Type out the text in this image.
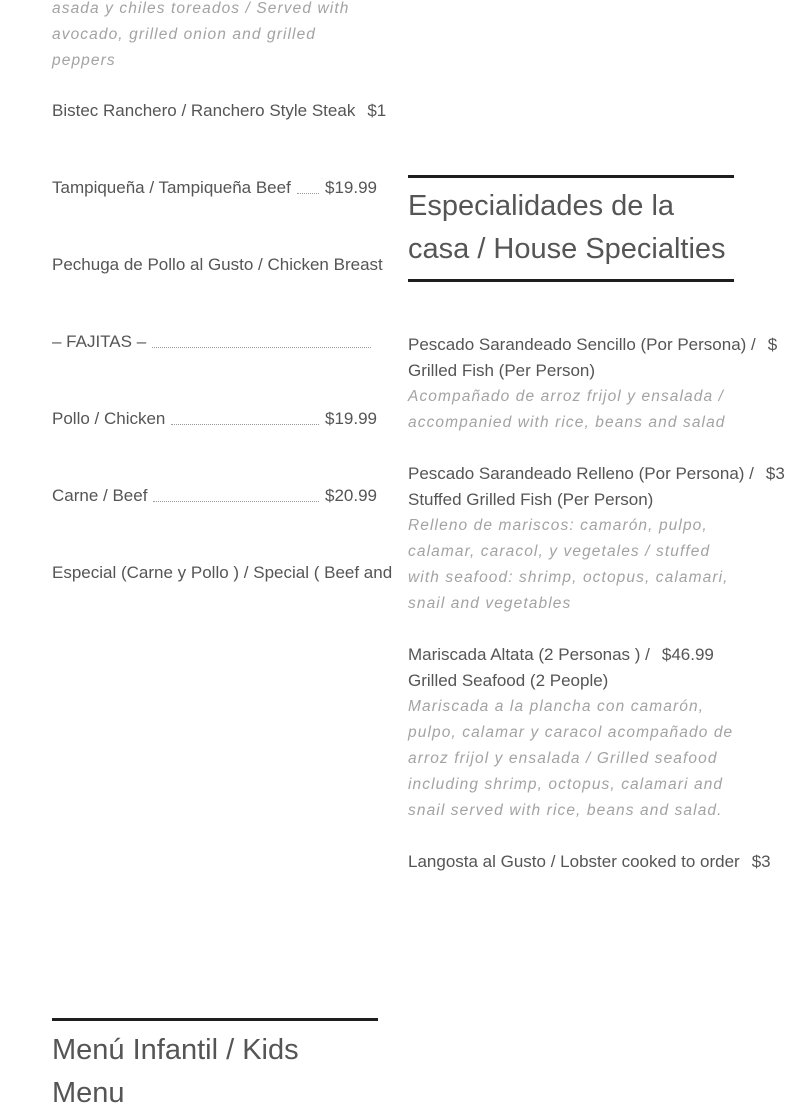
asada y chiles toreados / Served with
avocado, grilled onion and grilled
peppers
Bistec Ranchero / Ranchero Style Steak $1
Tampiqueña / Tampiqueña Beef $19.99
Pechuga de Pollo al Gusto / Chicken Breast
– FAJITAS –
Pollo / Chicken	$19.99
Carne / Beef	$20.99
Especial (Carne y Pollo ) / Special ( Beef and
Especialidades de la
casa / House Specialties
Pescado Sarandeado Sencillo (Por Persona) / $
Grilled Fish (Per Person)
Acompañado de arroz frijol y ensalada /
accompanied with rice, beans and salad
Pescado Sarandeado Relleno (Por Persona) / $3
Stuffed Grilled Fish (Per Person)
Relleno de mariscos: camarón, pulpo,
calamar, caracol, y vegetales / stuffed
with seafood: shrimp, octopus, calamari,
snail and vegetables
Mariscada Altata (2 Personas ) / $46.99
Grilled Seafood (2 People)
Mariscada a la plancha con camarón,
pulpo, calamar y caracol acompañado de
arroz frijol y ensalada / Grilled seafood
including shrimp, octopus, calamari and
snail served with rice, beans and salad.
Langosta al Gusto / Lobster cooked to order $3
Menú Infantil / Kids
Menu
